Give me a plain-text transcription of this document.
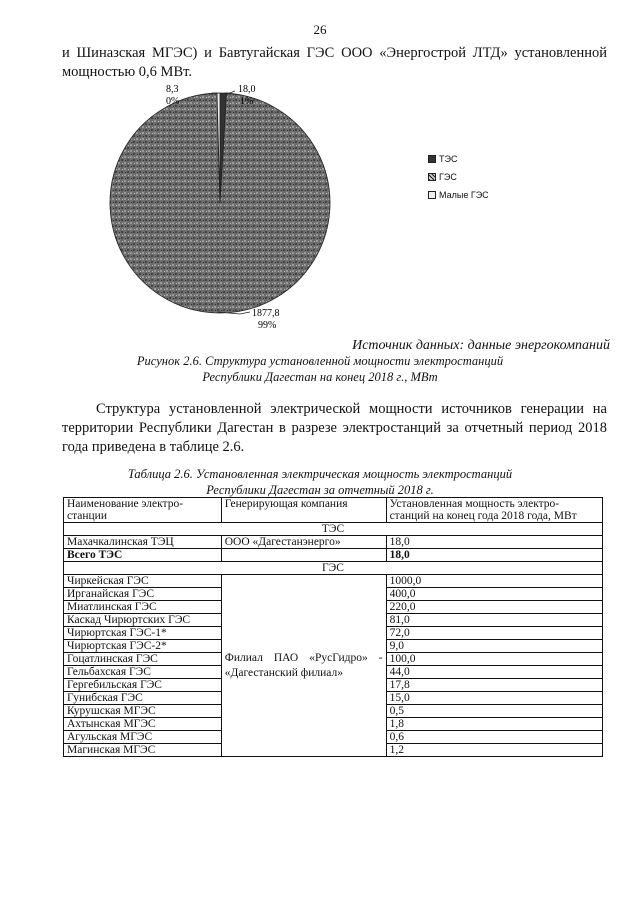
26
и Шиназская МГЭС) и Бавтугайская ГЭС ООО «Энергострой ЛТД» установленной мощностью 0,6 МВт.
8,3
0%
18,0
1%
1877,8
99%
ТЭС
ГЭС
Малые ГЭС
Источник данных: данные энергокомпаний
Рисунок 2.6. Структура установленной мощности электростанций
Республики Дагестан на конец 2018 г., МВт
Структура установленной электрической мощности источников генерации на территории Республики Дагестан в разрезе электростанций за отчетный период 2018 года приведена в таблице 2.6.
Таблица 2.6. Установленная электрическая мощность электростанций
Республики Дагестан за отчетный 2018 г.
Наименование электро-станции	Генерирующая компания	Установленная мощность электро-станций на конец года 2018 года, МВт
ТЭС		
Махачкалинская ТЭЦ	ООО «Дагестанэнерго»	18,0
Всего ТЭС		18,0
ГЭС		
Чиркейская ГЭС	Филиал ПАО «РусГидро» - «Дагестанский филиал»	1000,0
Ирганайская ГЭС		400,0
Миатлинская ГЭС		220,0
Каскад Чирюртских ГЭС		81,0
Чирюртская ГЭС-1*		72,0
Чирюртская ГЭС-2*		9,0
Гоцатлинская ГЭС		100,0
Гельбахская ГЭС		44,0
Гергебильская ГЭС		17,8
Гунибская ГЭС		15,0
Курушская МГЭС		0,5
Ахтынская МГЭС		1,8
Агульская МГЭС		0,6
Магинская МГЭС		1,2
